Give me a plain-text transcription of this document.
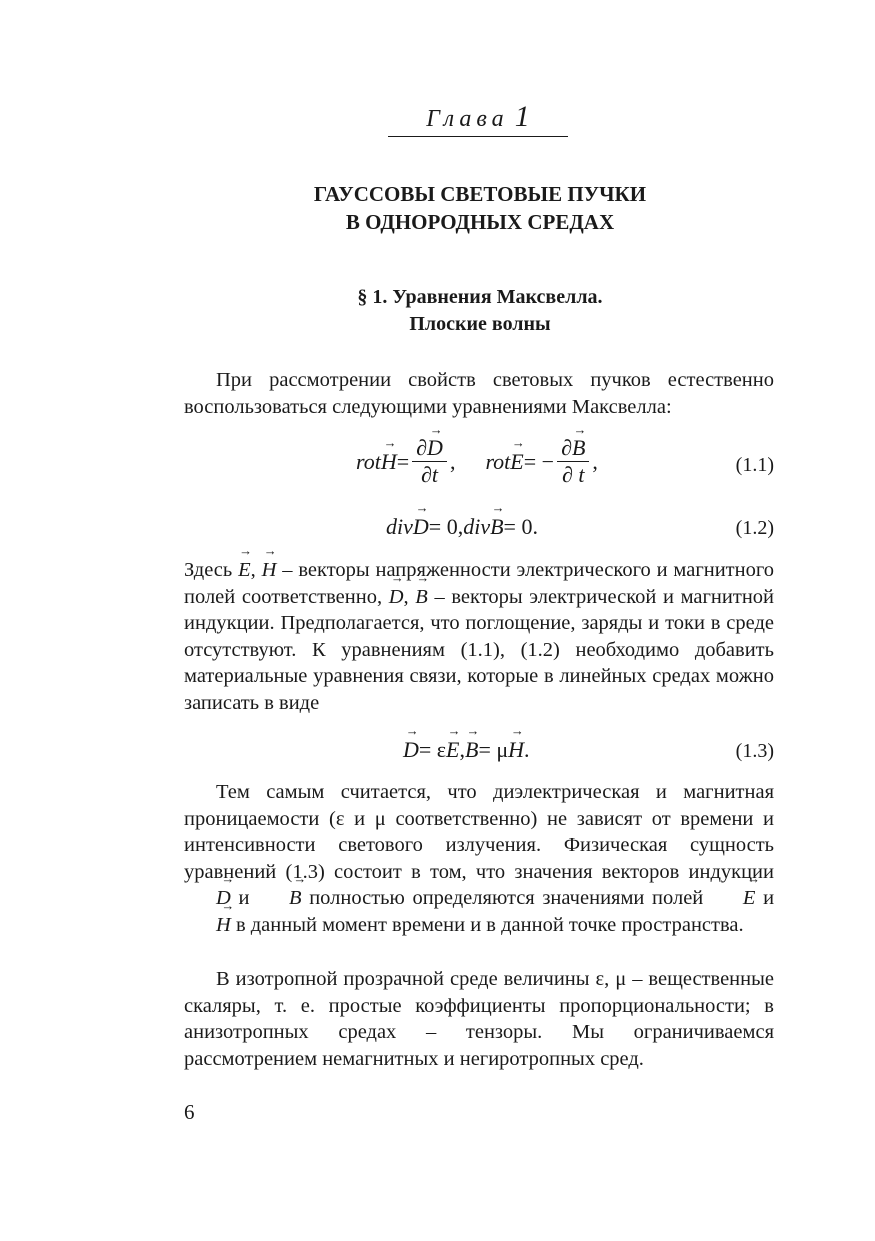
Глава 1
ГАУССОВЫ СВЕТОВЫЕ ПУЧКИ
В ОДНОРОДНЫХ СРЕДАХ
§ 1. Уравнения Максвелла.
Плоские волны

При рассмотрении свойств световых пучков естественно воспользоваться следующими уравнениями Максвелла:

rot → $H = \frac{\partial\to D}{\partial t}$ , rot → E = − $\frac{\partial\to B}{\partial t}$ ,	(1.1)
div → D = 0 , div → B = 0 .	(1.2)

Здесь → E, → H – векторы напряженности электрического и магнитного полей соответственно, → D, → B – векторы электрической и магнитной индукции. Предполагается, что поглощение, заряды и токи в среде отсутствуют. К уравнениям (1.1), (1.2) необходимо добавить материальные уравнения связи, которые в линейных средах можно записать в виде

→ D = ε → E , → B = μ → H .	(1.3)

Тем самым считается, что диэлектрическая и магнитная проницаемости (ε и μ соответственно) не зависят от времени и интенсивности светового излучения. Физическая сущность уравнений (1.3) состоит в том, что значения векторов индукции → D и → B полностью определяются значениями полей → E и → H в данный момент времени и в данной точке пространства.

В изотропной прозрачной среде величины ε, μ – вещественные скаляры, т. е. простые коэффициенты пропорциональности; в анизотропных средах – тензоры. Мы ограничиваемся рассмотрением немагнитных и негиротропных сред.

6
